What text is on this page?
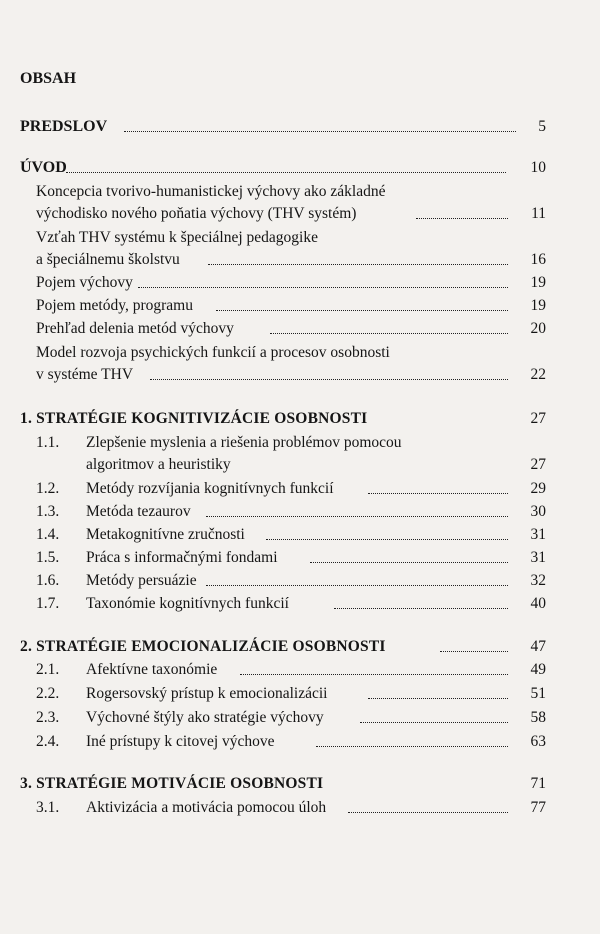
OBSAH
PREDSLOV	5
ÚVOD	10
Koncepcia tvorivo-humanistickej výchovy ako základné
východisko nového poňatia výchovy (THV systém)	11
Vzťah THV systému k špeciálnej pedagogike
a špeciálnemu školstvu	16
Pojem výchovy	19
Pojem metódy, programu	19
Prehľad delenia metód výchovy	20
Model rozvoja psychických funkcií a procesov osobnosti
v systéme THV	22
1. STRATÉGIE KOGNITIVIZÁCIE OSOBNOSTI	27
1.1. Zlepšenie myslenia a riešenia problémov pomocou
algoritmov a heuristiky	27
1.2. Metódy rozvíjania kognitívnych funkcií	29
1.3. Metóda tezaurov	30
1.4. Metakognitívne zručnosti	31
1.5. Práca s informačnými fondami	31
1.6. Metódy persuázie	32
1.7. Taxonómie kognitívnych funkcií	40
2. STRATÉGIE EMOCIONALIZÁCIE OSOBNOSTI	47
2.1. Afektívne taxonómie	49
2.2. Rogersovský prístup k emocionalizácii	51
2.3. Výchovné štýly ako stratégie výchovy	58
2.4. Iné prístupy k citovej výchove	63
3. STRATÉGIE MOTIVÁCIE OSOBNOSTI	71
3.1. Aktivizácia a motivácia pomocou úloh	77
